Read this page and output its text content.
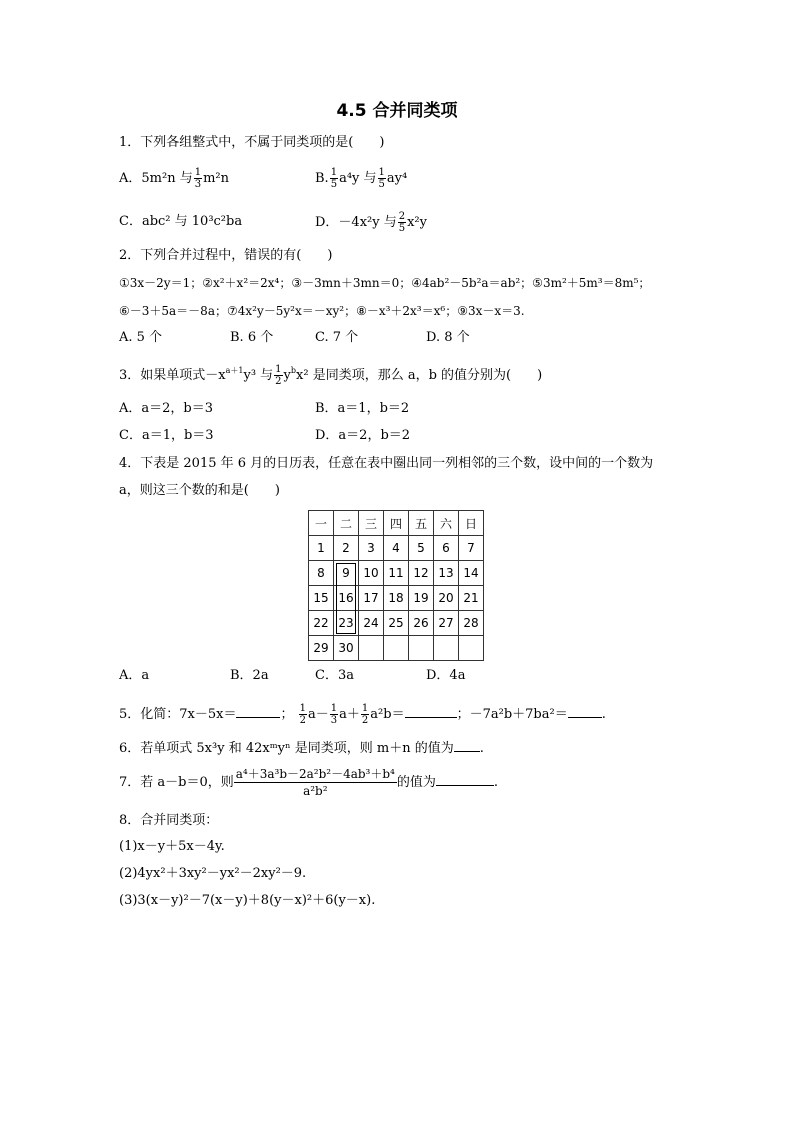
4.5 合并同类项
1．下列各组整式中，不属于同类项的是(　　)
A．5m²n 与 $\frac{1}{3} m^2n$	B. $\frac{1}{5} a^4y$ 与 $\frac{1}{5} ay^4$
C．abc² 与 10³c²ba	D．－4x²y 与 $\frac{2}{5} x^2y$
2．下列合并过程中，错误的有(　　)
①3x－2y＝1；②x²＋x²＝2x⁴；③－3mn＋3mn＝0；④4ab²－5b²a＝ab²；⑤3m²＋5m³＝8m⁵；
⑥－3＋5a＝－8a；⑦4x²y－5y²x＝－xy²；⑧－x³＋2x³＝x⁶；⑨3x－x＝3.
A. 5 个	B. 6 个	C. 7 个	D. 8 个
3．如果单项式$-x^{a+1}y^3$ 与 $\frac{1}{2} y^bx^2$ 是同类项，那么 a，b 的值分别为(　　)
A．a＝2，b＝3	B．a＝1，b＝2
C．a＝1，b＝3	D．a＝2，b＝2
4．下表是 2015 年 6 月的日历表，任意在表中圈出同一列相邻的三个数，设中间的一个数为
a，则这三个数的和是(　　)
一	二	三	四	五	六	日
1	2	3	4	5	6	7
8	9	10	11	12	13	14
15	16	17	18	19	20	21
22	23	24	25	26	27	28
29	30					
A．a	B．2a	C．3a	D．4a
5．化简：7x－5x＝	； $\frac{1}{2} a- \frac{1}{3} a+ \frac{1}{2} a^2b=$	；－7a²b＋7ba²＝	.
6．若单项式 5x³y 和 42xᵐyⁿ 是同类项，则 m＋n 的值为 .
7．若 a－b＝0，则 $\frac{\text{a⁴＋3a³b－2a²b²－4ab³＋b⁴}}{\text{a²b²}}$ 的值为	.
8．合并同类项：
(1)x－y＋5x－4y.
(2)4yx²＋3xy²－yx²－2xy²－9.
(3)3(x－y)²－7(x－y)＋8(y－x)²＋6(y－x).
